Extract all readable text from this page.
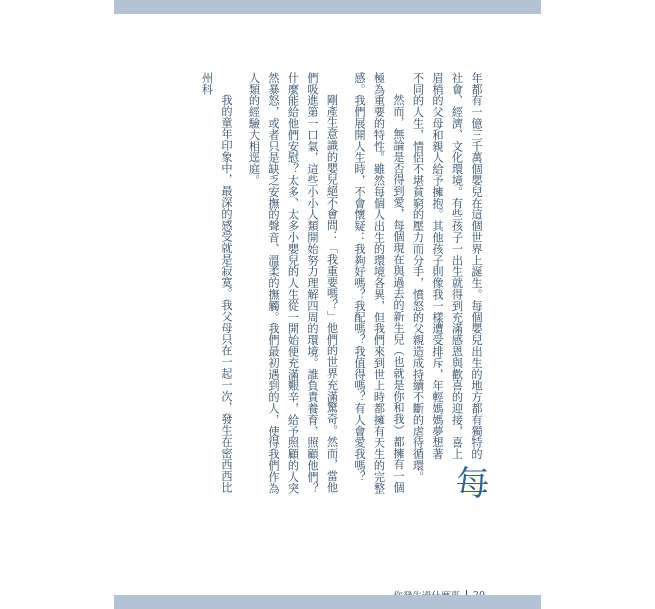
每
年都有一億三千萬個嬰兒在這個世界上誕生。每個嬰兒出生的地方都有獨特的社會、經濟、文化環境。有些孩子一出生就得到充滿感恩與歡喜的迎接，喜上眉梢的父母和親人給予擁抱。其他孩子則像我一樣遭受排斥，年輕媽媽夢想著不同的人生，情侶不堪貧窮的壓力而分手，憤怒的父親造成持續不斷的虐待循環。

然而，無論是否得到愛，每個現在與過去的新生兒（也就是你和我）都擁有一個極為重要的特性。雖然每個人出生的環境各異，但我們來到世上時都擁有天生的完整感。我們展開人生時，不會懷疑：我夠好嗎？我配嗎？我值得嗎？有人會愛我嗎？

剛產生意識的嬰兒絕不會問：「我重要嗎？」他們的世界充滿驚奇。然而，當他們吸進第一口氣，這些小小人類開始努力理解四周的環境。誰負責養育、照顧他們？什麼能給他們安慰？太多、太多小嬰兒的人生從一開始便充滿艱辛，給予照顧的人突然暴怒，或者只是缺乏安撫的聲音、溫柔的撫觸。我們最初遇到的人，使得我們作為人類的經驗大相逕庭。

我的童年印象中，最深的感受就是寂寞。我父母只在一起一次，發生在密西西比州科
